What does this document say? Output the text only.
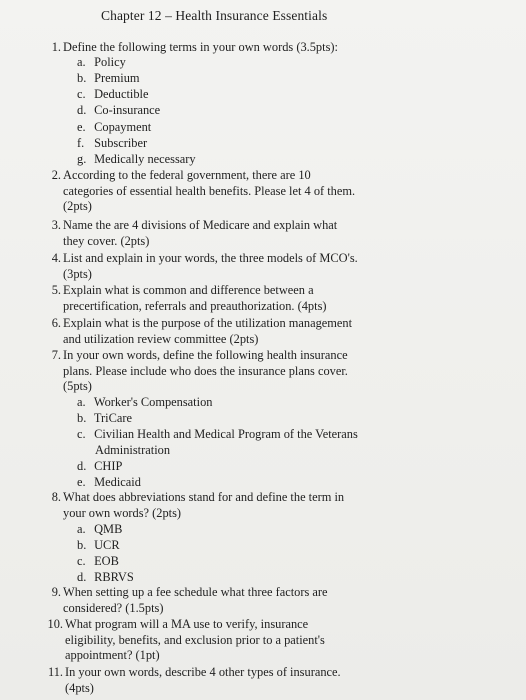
Chapter 12 – Health Insurance Essentials
1. Define the following terms in your own words (3.5pts):
a. Policy
b. Premium
c. Deductible
d. Co-insurance
e. Copayment
f. Subscriber
g. Medically necessary
2. According to the federal government, there are 10
categories of essential health benefits. Please let 4 of them.
(2pts)
3. Name the are 4 divisions of Medicare and explain what
they cover. (2pts)
4. List and explain in your words, the three models of MCO's.
(3pts)
5. Explain what is common and difference between a
precertification, referrals and preauthorization. (4pts)
6. Explain what is the purpose of the utilization management
and utilization review committee (2pts)
7. In your own words, define the following health insurance
plans. Please include who does the insurance plans cover.
(5pts)
a. Worker's Compensation
b. TriCare
c. Civilian Health and Medical Program of the Veterans
Administration
d. CHIP
e. Medicaid
8. What does abbreviations stand for and define the term in
your own words? (2pts)
a. QMB
b. UCR
c. EOB
d. RBRVS
9. When setting up a fee schedule what three factors are
considered? (1.5pts)
10. What program will a MA use to verify, insurance
eligibility, benefits, and exclusion prior to a patient's
appointment? (1pt)
11. In your own words, describe 4 other types of insurance.
(4pts)
